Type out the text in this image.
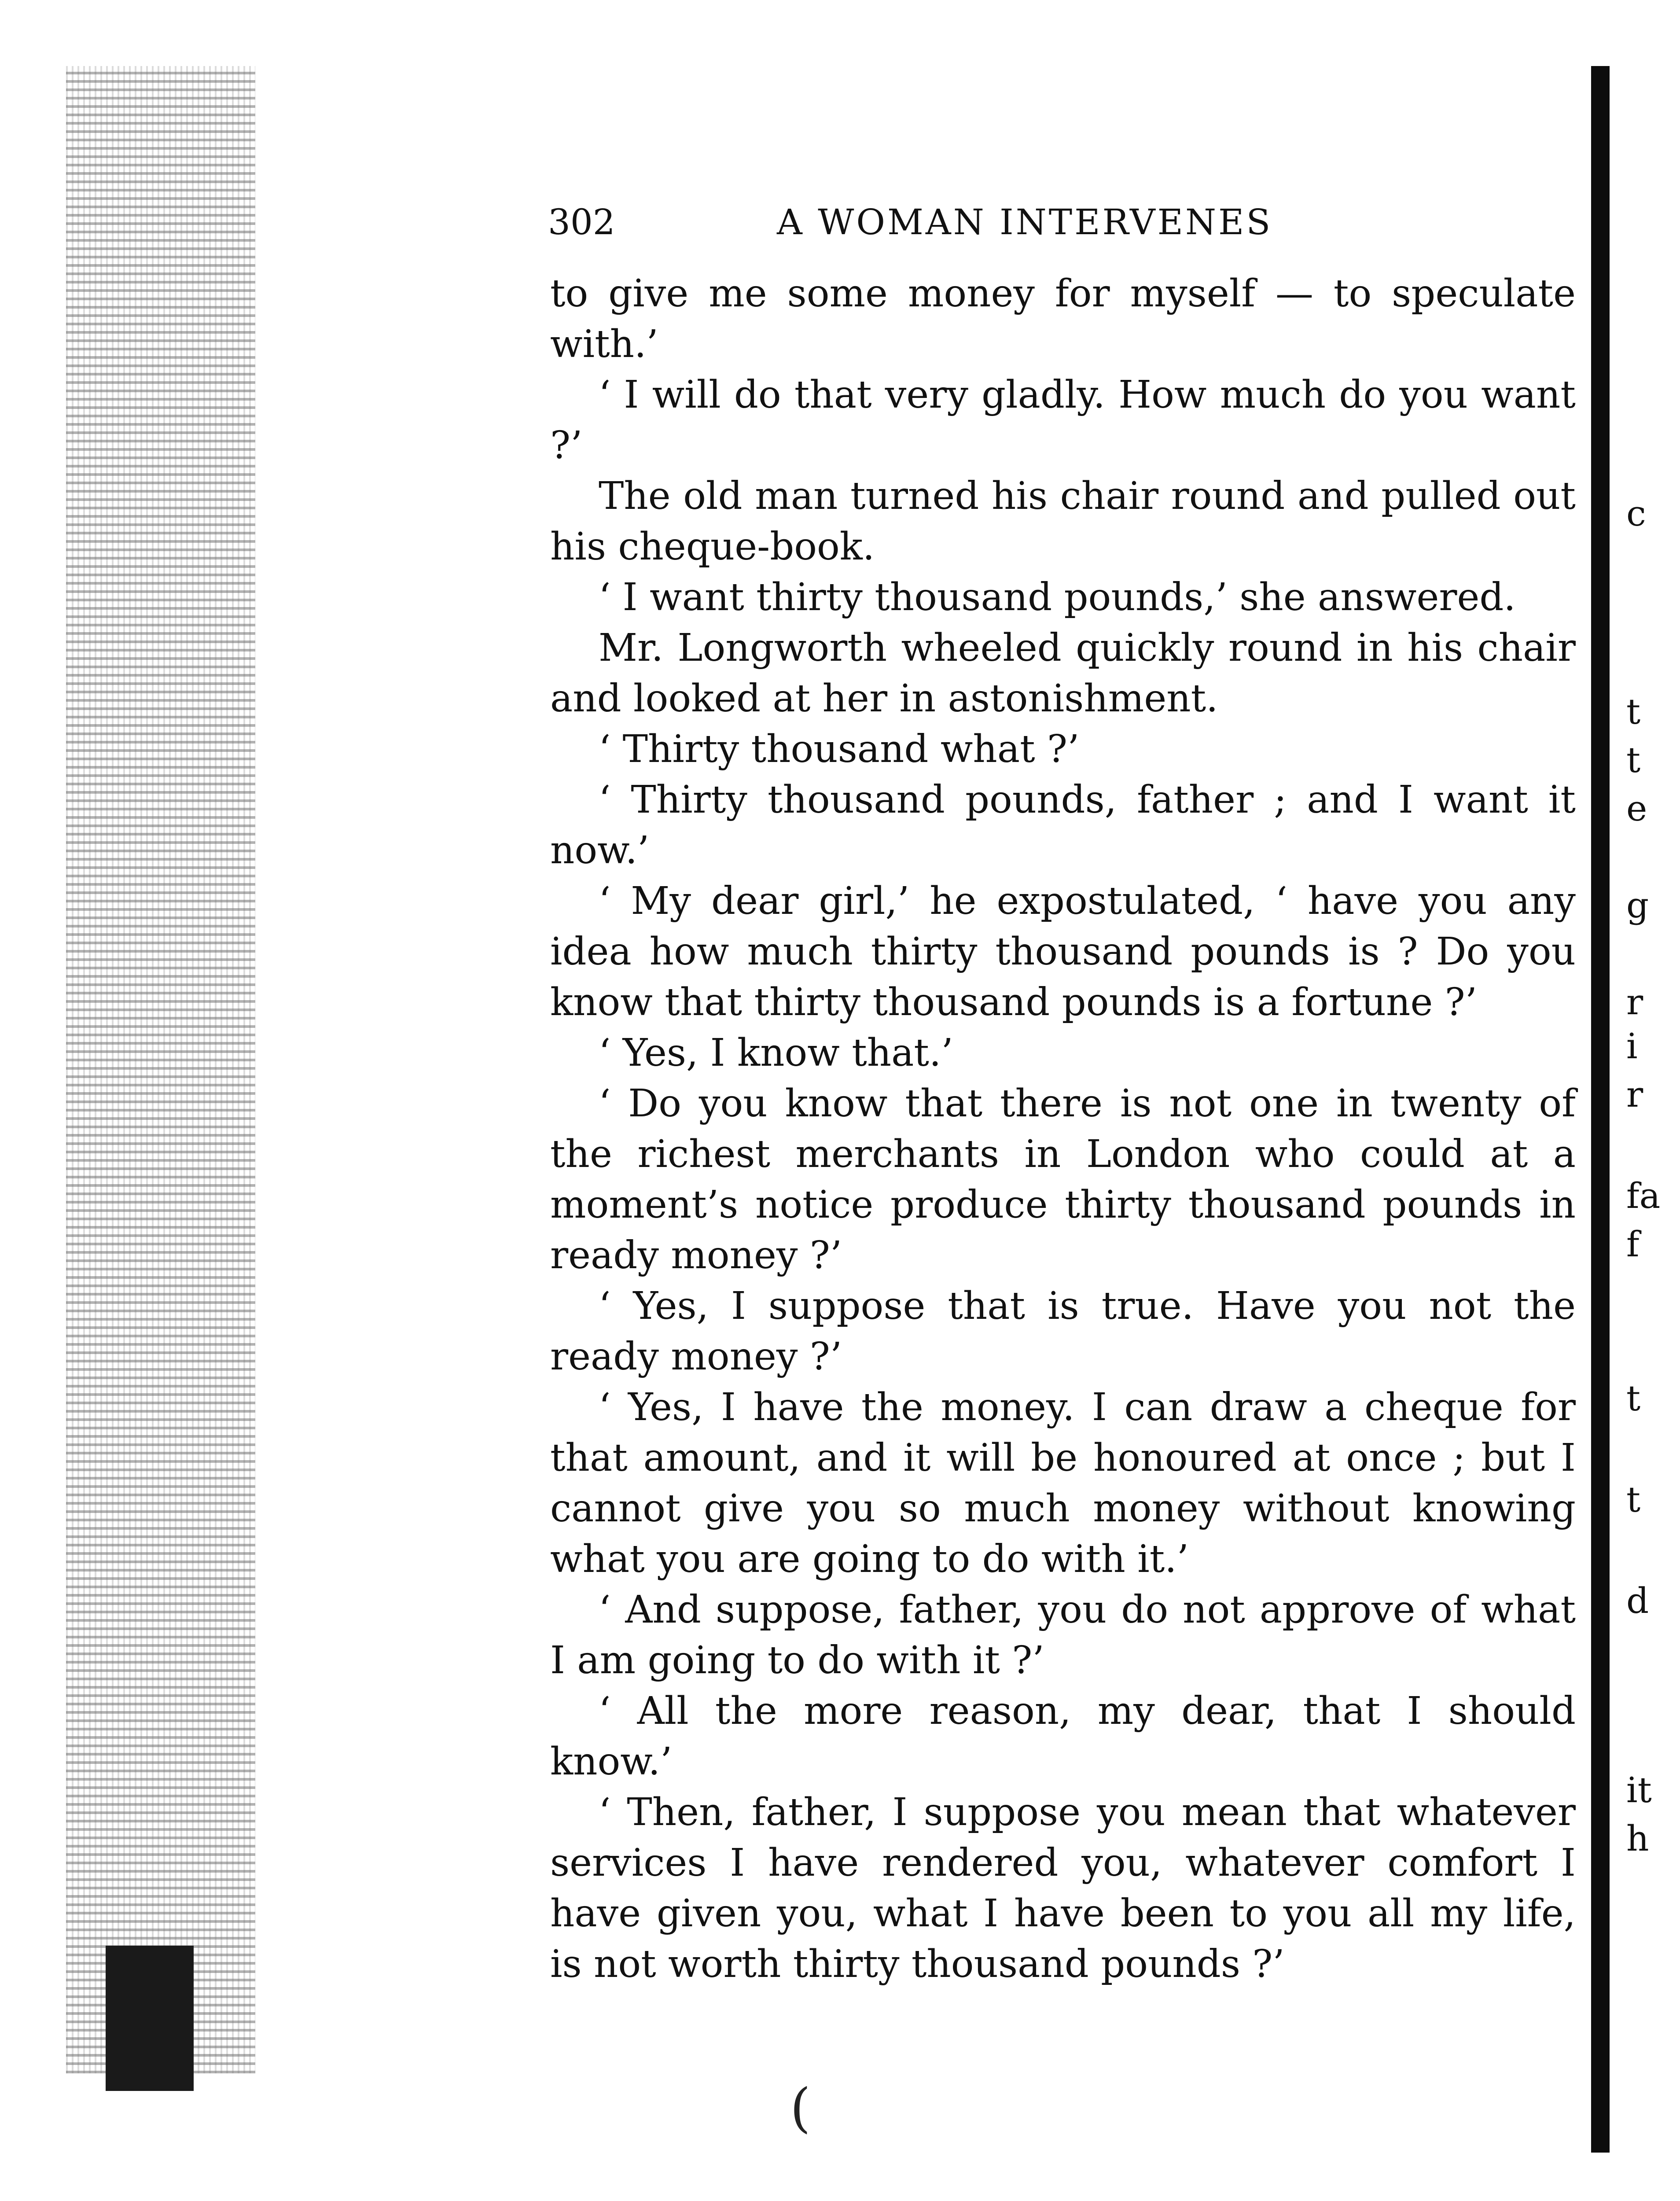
302	A WOMAN INTERVENES

to give me some money for myself — to speculate with.’

‘ I will do that very gladly. How much do you want ?’

The old man turned his chair round and pulled out his cheque-book.

‘ I want thirty thousand pounds,’ she answered.

Mr. Longworth wheeled quickly round in his chair and looked at her in astonishment.

‘ Thirty thousand what ?’

‘ Thirty thousand pounds, father ; and I want it now.’

‘ My dear girl,’ he expostulated, ‘ have you any idea how much thirty thousand pounds is ? Do you know that thirty thousand pounds is a fortune ?’

‘ Yes, I know that.’

‘ Do you know that there is not one in twenty of the richest merchants in London who could at a moment’s notice produce thirty thousand pounds in ready money ?’

‘ Yes, I suppose that is true. Have you not the ready money ?’

‘ Yes, I have the money. I can draw a cheque for that amount, and it will be honoured at once ; but I cannot give you so much money without knowing what you are going to do with it.’

‘ And suppose, father, you do not approve of what I am going to do with it ?’

‘ All the more reason, my dear, that I should know.’

‘ Then, father, I suppose you mean that whatever services I have rendered you, whatever comfort I have given you, what I have been to you all my life, is not worth thirty thousand pounds ?’

c
t
t
e
g
r
i
r
fa
f
t
t
d
it
h
(
